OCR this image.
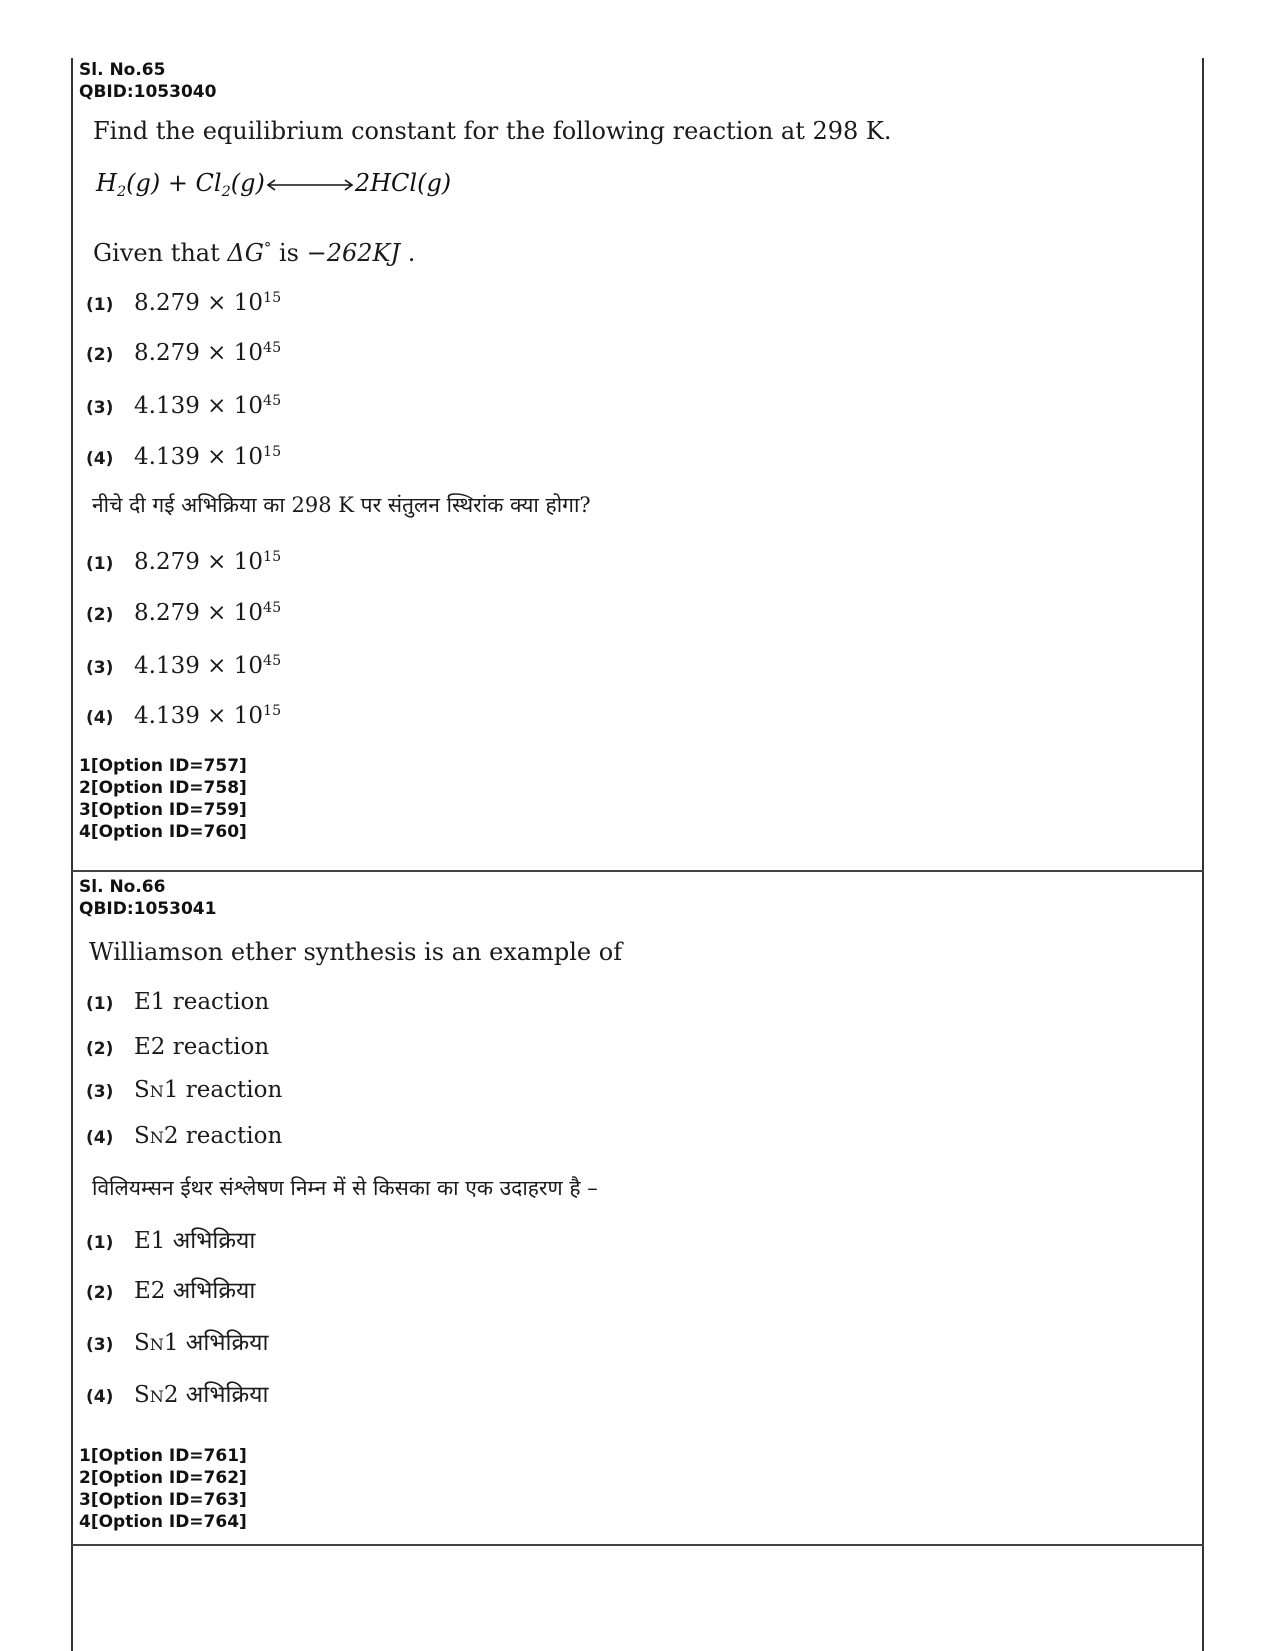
Sl. No.65
QBID:1053040
Find the equilibrium constant for the following reaction at 298 K.
$H_2(g) + Cl_2(g)$	2HCl(g)
Given that ΔG° is −262KJ .
(1) $8.279 \times 10^{15}$
(2) $8.279 \times 10^{45}$
(3) $4.139 \times 10^{45}$
(4) $4.139 \times 10^{15}$
नीचे दी गई अभिक्रिया का 298 K पर संतुलन स्थिरांक क्या होगा?
(1) $8.279 \times 10^{15}$
(2) $8.279 \times 10^{45}$
(3) $4.139 \times 10^{45}$
(4) $4.139 \times 10^{15}$
1[Option ID=757]
2[Option ID=758]
3[Option ID=759]
4[Option ID=760]
Sl. No.66
QBID:1053041
Williamson ether synthesis is an example of
(1) E1 reaction
(2) E2 reaction
(3) SN1 reaction
(4) SN2 reaction
विलियम्सन ईथर संश्लेषण निम्न में से किसका का एक उदाहरण है –
(1) E1 अभिक्रिया
(2) E2 अभिक्रिया
(3) SN1 अभिक्रिया
(4) SN2 अभिक्रिया
1[Option ID=761]
2[Option ID=762]
3[Option ID=763]
4[Option ID=764]
